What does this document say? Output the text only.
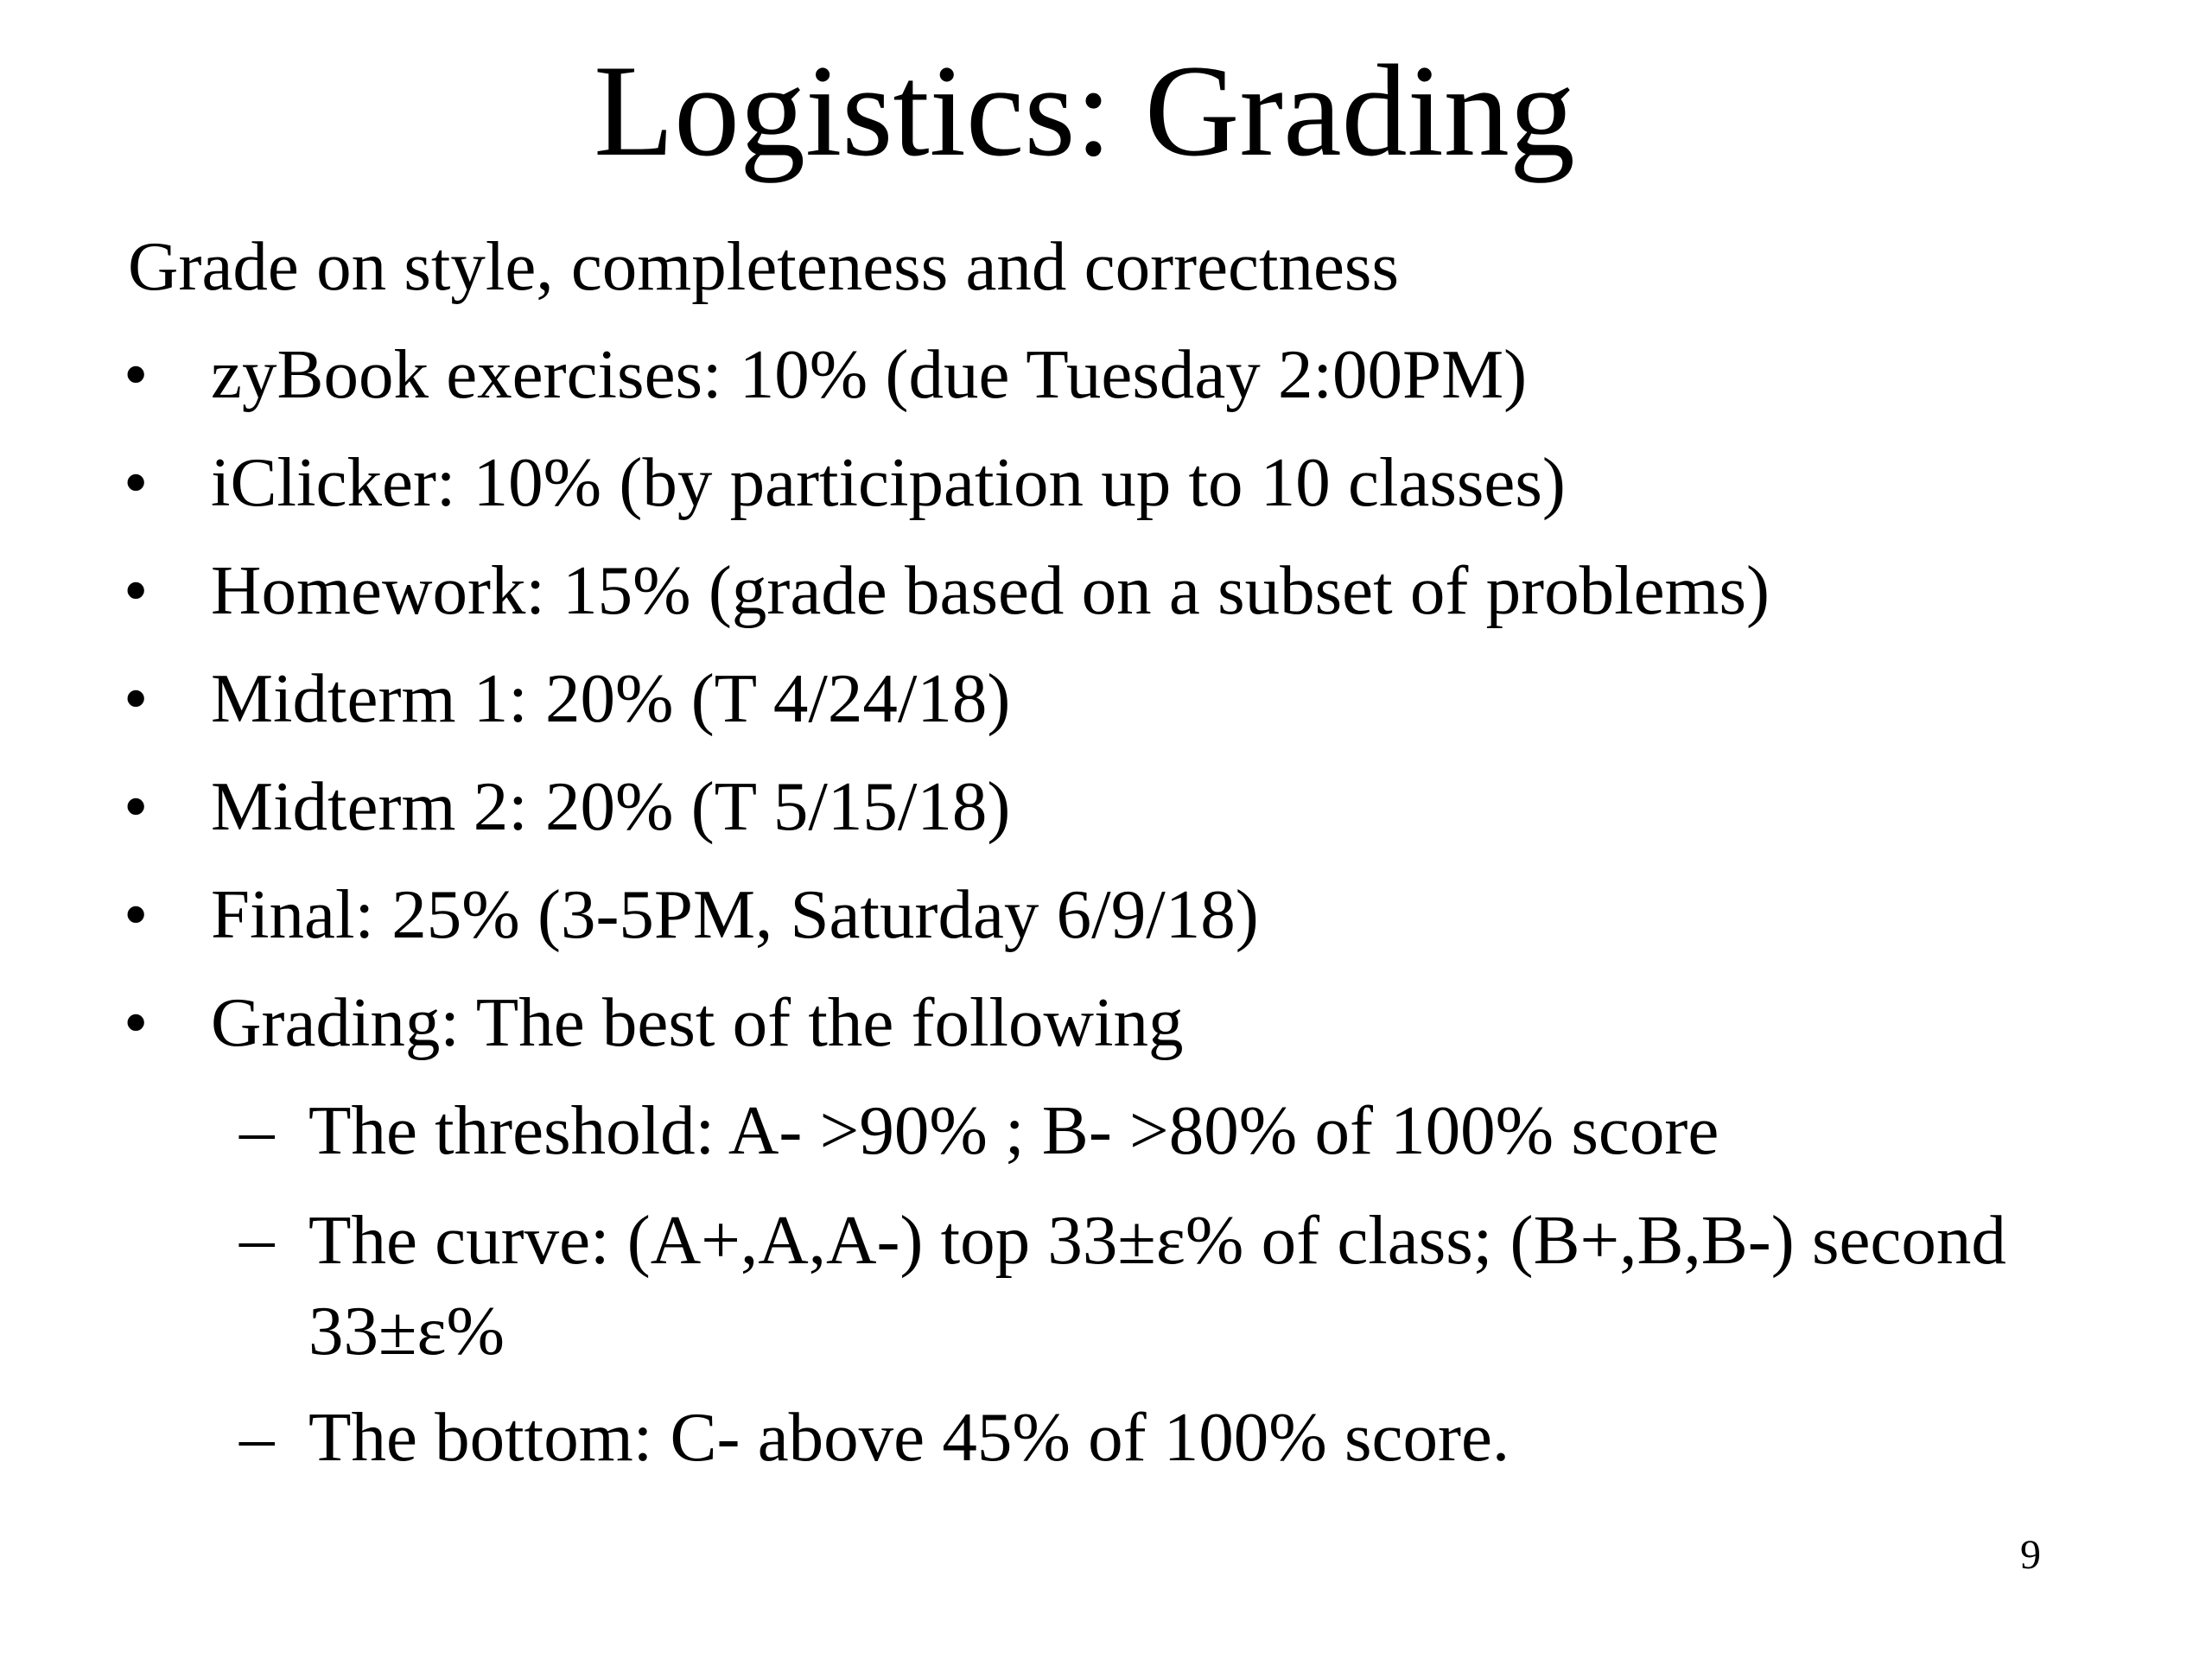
Logistics: Grading
Grade on style, completeness and correctness
• zyBook exercises: 10% (due Tuesday 2:00PM)
• iClicker: 10% (by participation up to 10 classes)
• Homework: 15% (grade based on a subset of problems)
• Midterm 1: 20% (T 4/24/18)
• Midterm 2: 20% (T 5/15/18)
• Final: 25% (3-5PM, Saturday 6/9/18)
• Grading: The best of the following
– The threshold: A- >90% ; B- >80% of 100% score
– The curve: (A+,A,A-) top 33±ε% of class; (B+,B,B-) second 33±ε%
– The bottom: C- above 45% of 100% score.
9
